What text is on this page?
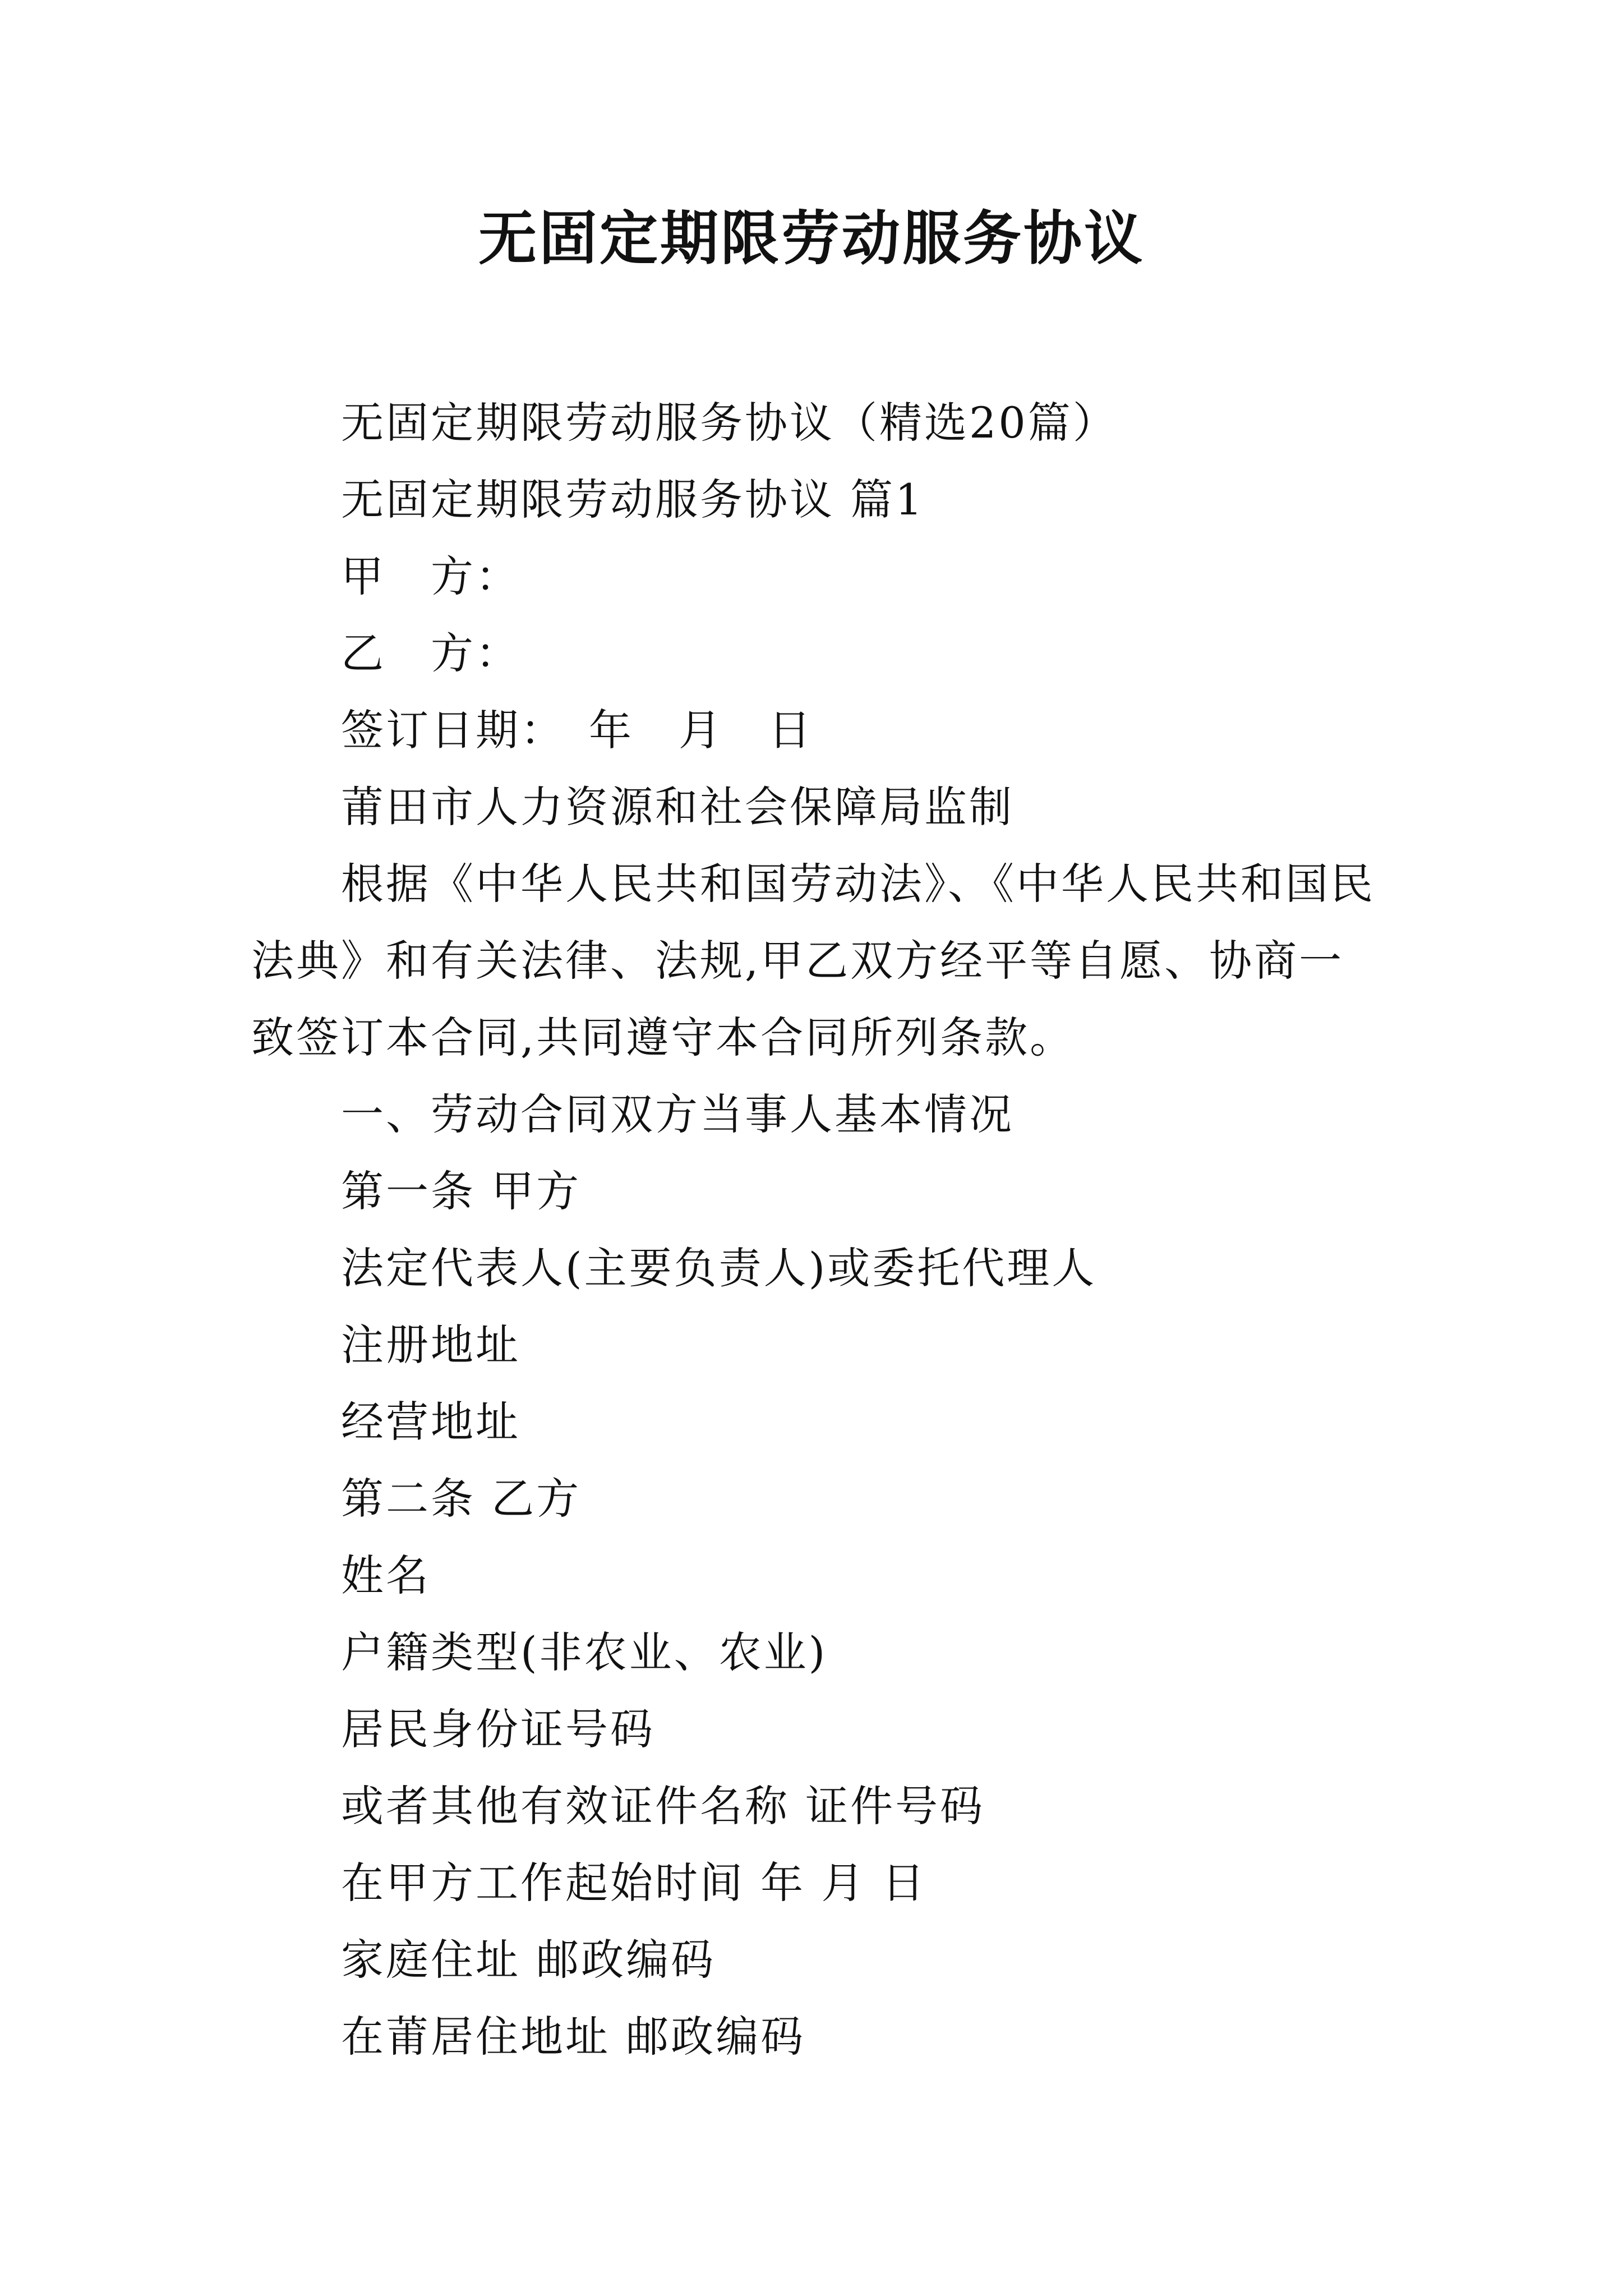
无固定期限劳动服务协议

无固定期限劳动服务协议（精选20篇）

无固定期限劳动服务协议 篇1

甲　方：

乙　方：

签订日期：　年　月　日

莆田市人力资源和社会保障局监制

根据《中华人民共和国劳动法》、《中华人民共和国民法典》和有关法律、法规,甲乙双方经平等自愿、协商一致签订本合同,共同遵守本合同所列条款。

一、劳动合同双方当事人基本情况

第一条 甲方

法定代表人(主要负责人)或委托代理人

注册地址

经营地址

第二条 乙方

姓名

户籍类型(非农业、农业)

居民身份证号码

或者其他有效证件名称 证件号码

在甲方工作起始时间 年 月 日

家庭住址 邮政编码

在莆居住地址 邮政编码
